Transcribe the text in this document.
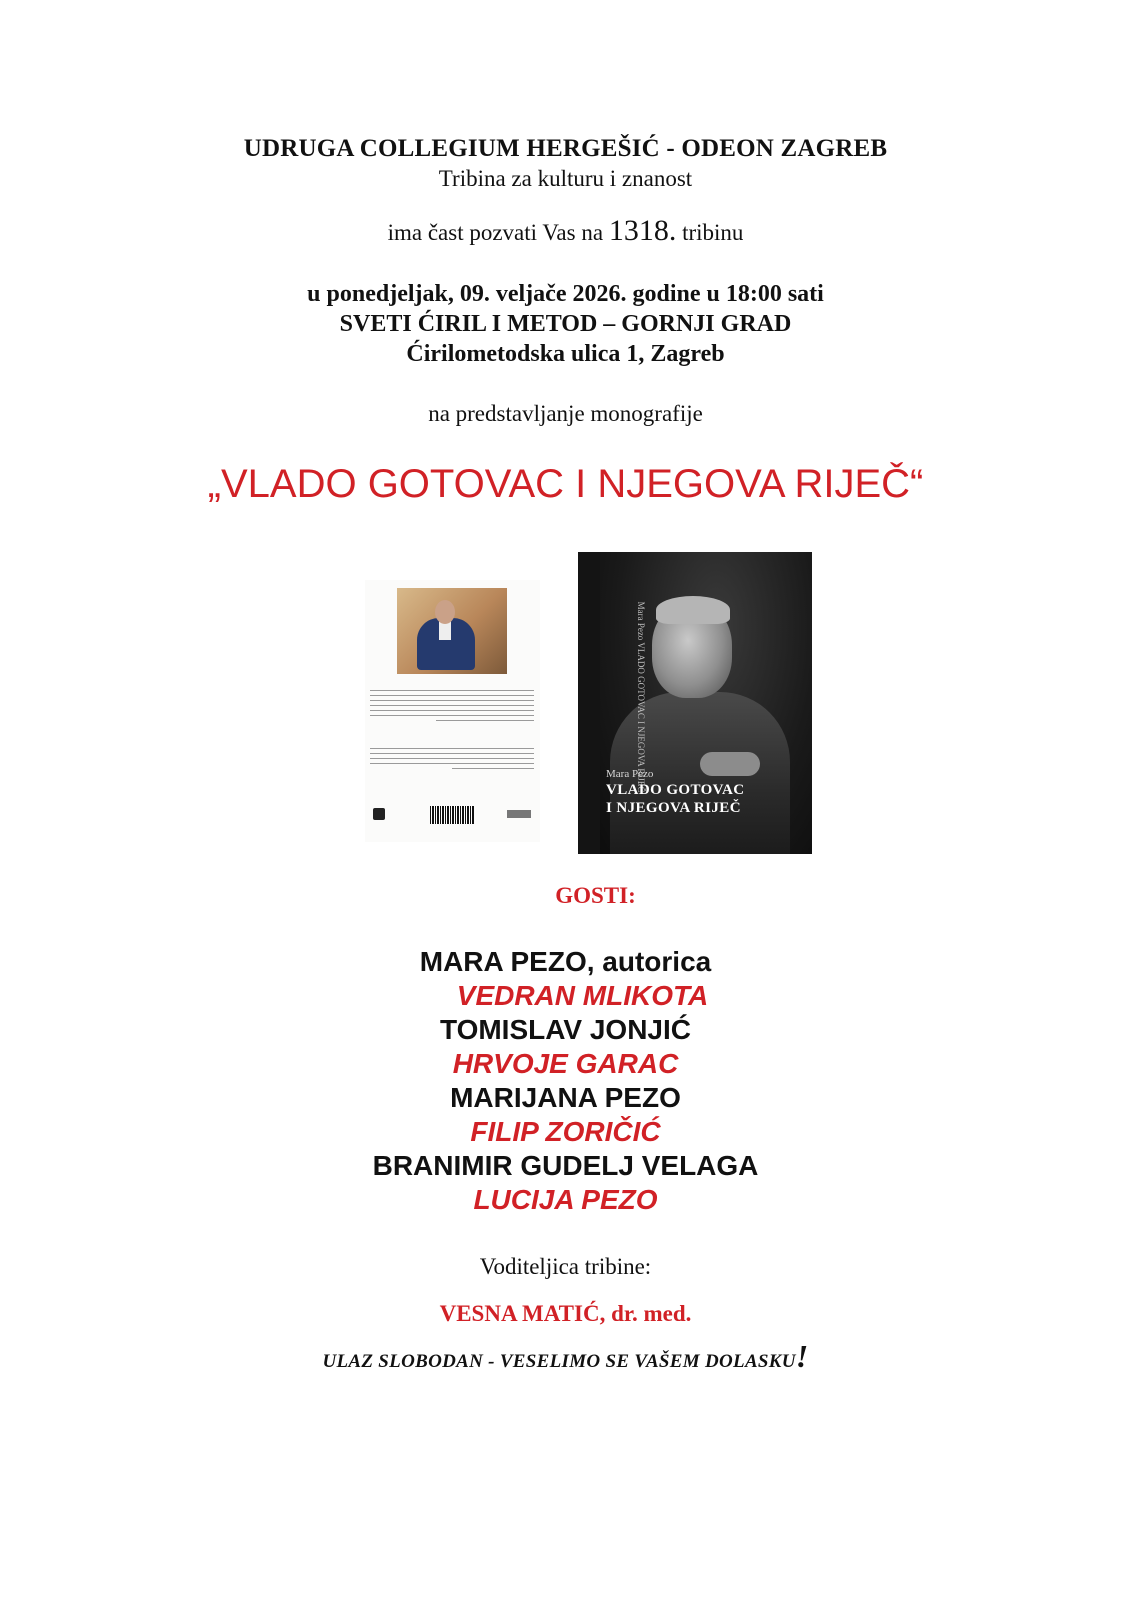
UDRUGA COLLEGIUM HERGEŠIĆ - ODEON ZAGREB
Tribina za kulturu i znanost
ima čast pozvati Vas na 1318. tribinu
u ponedjeljak, 09. veljače 2026. godine u 18:00 sati
SVETI ĆIRIL I METOD – GORNJI GRAD
Ćirilometodska ulica 1, Zagreb
na predstavljanje monografije
„VLADO GOTOVAC I NJEGOVA RIJEČ“
Mara Pezo VLADO GOTOVAC I NJEGOVA RIJEČ
Mara Pezo
VLADO GOTOVAC
I NJEGOVA RIJEČ
GOSTI:
MARA PEZO, autorica
VEDRAN MLIKOTA
TOMISLAV JONJIĆ
HRVOJE GARAC
MARIJANA PEZO
FILIP ZORIČIĆ
BRANIMIR GUDELJ VELAGA
LUCIJA PEZO
Voditeljica tribine:
VESNA MATIĆ, dr. med.
ULAZ SLOBODAN - VESELIMO SE VAŠEM DOLASKU!
